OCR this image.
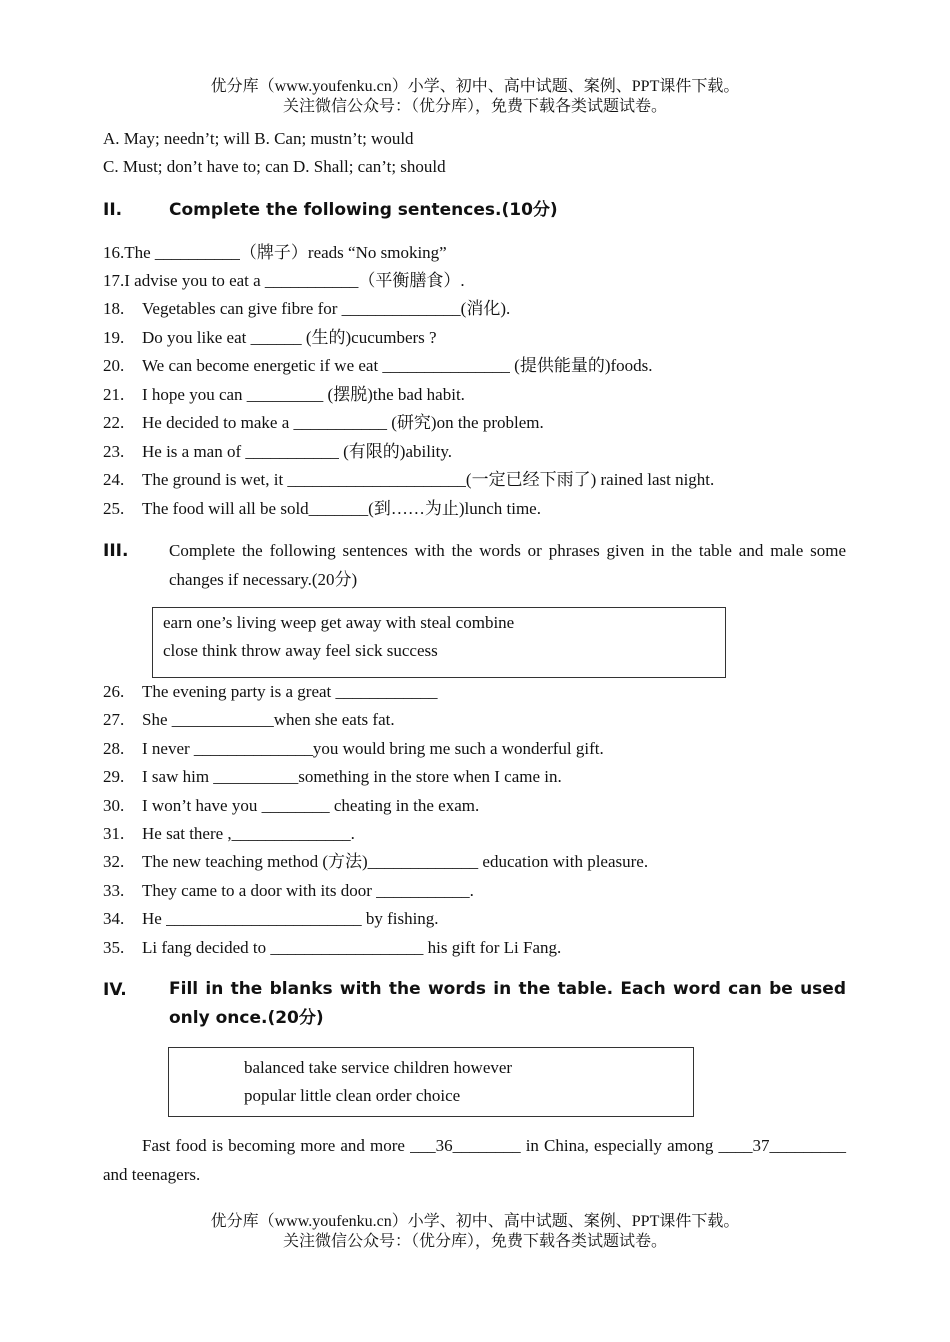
优分库（www.youfenku.cn）小学、初中、高中试题、案例、PPT课件下载。
关注微信公众号：（优分库），免费下载各类试题试卷。
A. May; needn’t; will B. Can; mustn’t; would
C. Must; don’t have to; can D. Shall; can’t; should
II.	Complete the following sentences.(10分)
16.The __________（牌子）reads “No smoking”
17.I advise you to eat a ___________（平衡膳食）.
18. Vegetables can give fibre for ______________(消化).
19. Do you like eat ______ (生的)cucumbers ?
20. We can become energetic if we eat _______________ (提供能量的)foods.
21. I hope you can _________ (摆脱)the bad habit.
22. He decided to make a ___________ (研究)on the problem.
23. He is a man of ___________ (有限的)ability.
24. The ground is wet, it _____________________(一定已经下雨了) rained last night.
25. The food will all be sold_______(到……为止)lunch time.
III. Complete the following sentences with the words or phrases given in the table and male some changes if necessary.(20分)
earn one’s living weep get away with steal combine
close think throw away feel sick success
26. The evening party is a great ____________
27. She ____________when she eats fat.
28. I never ______________you would bring me such a wonderful gift.
29. I saw him __________something in the store when I came in.
30. I won’t have you ________ cheating in the exam.
31. He sat there ,______________.
32. The new teaching method (方法)_____________ education with pleasure.
33. They came to a door with its door ___________.
34. He _______________________ by fishing.
35. Li fang decided to __________________ his gift for Li Fang.
IV. Fill in the blanks with the words in the table. Each word can be used only once.(20分)
balanced take service children however
popular little clean order choice
Fast food is becoming more and more ___36________ in China, especially among ____37_________ and teenagers.
优分库（www.youfenku.cn）小学、初中、高中试题、案例、PPT课件下载。
关注微信公众号：（优分库），免费下载各类试题试卷。
